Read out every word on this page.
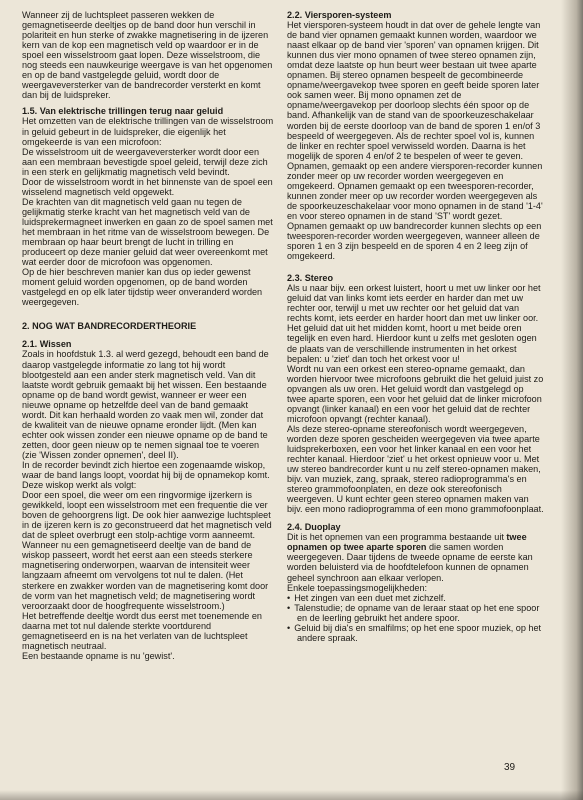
Wanneer zij de luchtspleet passeren wekken de gemagnetiseerde deeltjes op de band door hun verschil in polariteit en hun sterke of zwakke magnetisering in de ijzeren kern van de kop een magnetisch veld op waardoor er in de spoel een wisselstroom gaat lopen. Deze wisselstroom, die nog steeds een nauwkeurige weergave is van het opgenomen en op de band vastgelegde geluid, wordt door de weergaveversterker van de bandrecorder versterkt en komt dan bij de luidspreker.

1.5. Van elektrische trillingen terug naar geluid

Het omzetten van de elektrische trillingen van de wisselstroom in geluid gebeurt in de luidspreker, die eigenlijk het omgekeerde is van een microfoon:

De wisselstroom uit de weergaveversterker wordt door een aan een membraan bevestigde spoel geleid, terwijl deze zich in een sterk en gelijkmatig magnetisch veld bevindt.

Door de wisselstroom wordt in het binnenste van de spoel een wisselend magnetisch veld opgewekt.

De krachten van dit magnetisch veld gaan nu tegen de gelijkmatig sterke kracht van het magnetisch veld van de luidsprekermagneet inwerken en gaan zo de spoel samen met het membraan in het ritme van de wisselstroom bewegen. De membraan op haar beurt brengt de lucht in trilling en produceert op deze manier geluid dat weer overeenkomt met wat eerder door de microfoon was opgenomen.

Op de hier beschreven manier kan dus op ieder gewenst moment geluid worden opgenomen, op de band worden vastgelegd en op elk later tijdstip weer onveranderd worden weergegeven.

2. NOG WAT BANDRECORDERTHEORIE

2.1. Wissen

Zoals in hoofdstuk 1.3. al werd gezegd, behoudt een band de daarop vastgelegde informatie zo lang tot hij wordt blootgesteld aan een ander sterk magnetisch veld. Van dit laatste wordt gebruik gemaakt bij het wissen. Een bestaande opname op de band wordt gewist, wanneer er weer een nieuwe opname op hetzelfde deel van de band gemaakt wordt. Dit kan herhaald worden zo vaak men wil, zonder dat de kwaliteit van de nieuwe opname eronder lijdt. (Men kan echter ook wissen zonder een nieuwe opname op de band te zetten, door geen nieuw op te nemen signaal toe te voeren (zie 'Wissen zonder opnemen', deel II).

In de recorder bevindt zich hiertoe een zogenaamde wiskop, waar de band langs loopt, voordat hij bij de opnamekop komt. Deze wiskop werkt als volgt:

Door een spoel, die weer om een ringvormige ijzerkern is gewikkeld, loopt een wisselstroom met een frequentie die ver boven de gehoorgrens ligt. De ook hier aanwezige luchtspleet in de ijzeren kern is zo geconstrueerd dat het magnetisch veld dat de spleet overbrugt een stolp-achtige vorm aanneemt. Wanneer nu een gemagnetiseerd deeltje van de band de wiskop passeert, wordt het eerst aan een steeds sterkere magnetisering onderworpen, waarvan de intensiteit weer langzaam afneemt om vervolgens tot nul te dalen. (Het sterkere en zwakker worden van de magnetisering komt door de vorm van het magnetisch veld; de magnetisering wordt veroorzaakt door de hoogfrequente wisselstroom.)

Het betreffende deeltje wordt dus eerst met toenemende en daarna met tot nul dalende sterkte voortdurend gemagnetiseerd en is na het verlaten van de luchtspleet magnetisch neutraal.

Een bestaande opname is nu 'gewist'.

2.2. Viersporen-systeem

Het viersporen-systeem houdt in dat over de gehele lengte van de band vier opnamen gemaakt kunnen worden, waardoor we naast elkaar op de band vier 'sporen' van opnamen krijgen. Dit kunnen dus vier mono opnamen of twee stereo opnamen zijn, omdat deze laatste op hun beurt weer bestaan uit twee aparte opnamen. Bij stereo opnamen bespeelt de gecombineerde opname/weergavekop twee sporen en geeft beide sporen later ook samen weer. Bij mono opnamen zet de opname/weergavekop per doorloop slechts één spoor op de band. Afhankelijk van de stand van de spoorkeuzeschakelaar worden bij de eerste doorloop van de band de sporen 1 en/of 3 bespeeld of weergegeven. Als de rechter spoel vol is, kunnen de linker en rechter spoel verwisseld worden. Daarna is het mogelijk de sporen 4 en/of 2 te bespelen of weer te geven.

Opnamen, gemaakt op een andere viersporen-recorder kunnen zonder meer op uw recorder worden weergegeven en omgekeerd. Opnamen gemaakt op een tweesporen-recorder, kunnen zonder meer op uw recorder worden weergegeven als de spoorkeuzeschakelaar voor mono opnamen in de stand '1-4' en voor stereo opnamen in de stand 'ST' wordt gezet.

Opnamen gemaakt op uw bandrecorder kunnen slechts op een tweesporen-recorder worden weergegeven, wanneer alleen de sporen 1 en 3 zijn bespeeld en de sporen 4 en 2 leeg zijn of omgekeerd.

2.3. Stereo

Als u naar bijv. een orkest luistert, hoort u met uw linker oor het geluid dat van links komt iets eerder en harder dan met uw rechter oor, terwijl u met uw rechter oor het geluid dat van rechts komt, iets eerder en harder hoort dan met uw linker oor. Het geluid dat uit het midden komt, hoort u met beide oren tegelijk en even hard. Hierdoor kunt u zelfs met gesloten ogen de plaats van de verschillende instrumenten in het orkest bepalen: u 'ziet' dan toch het orkest voor u!

Wordt nu van een orkest een stereo-opname gemaakt, dan worden hiervoor twee microfoons gebruikt die het geluid juist zo opvangen als uw oren. Het geluid wordt dan vastgelegd op twee aparte sporen, een voor het geluid dat de linker microfoon opvangt (linker kanaal) en een voor het geluid dat de rechter microfoon opvangt (rechter kanaal).

Als deze stereo-opname stereofonisch wordt weergegeven, worden deze sporen gescheiden weergegeven via twee aparte luidsprekerboxen, een voor het linker kanaal en een voor het rechter kanaal. Hierdoor 'ziet' u het orkest opnieuw voor u. Met uw stereo bandrecorder kunt u nu zelf stereo-opnamen maken, bijv. van muziek, zang, spraak, stereo radioprogramma's en stereo grammofoonplaten, en deze ook stereofonisch weergeven. U kunt echter geen stereo opnamen maken van bijv. een mono radioprogramma of een mono grammofoonplaat.

2.4. Duoplay

Dit is het opnemen van een programma bestaande uit twee opnamen op twee aparte sporen die samen worden weergegeven. Daar tijdens de tweede opname de eerste kan worden beluisterd via de hoofdtelefoon kunnen de opnamen geheel synchroon aan elkaar verlopen.

Enkele toepassingsmogelijkheden:

• Het zingen van een duet met zichzelf.
• Talenstudie; de opname van de leraar staat op het ene spoor en de leerling gebruikt het andere spoor.
• Geluid bij dia's en smalfilms; op het ene spoor muziek, op het andere spraak.
39
